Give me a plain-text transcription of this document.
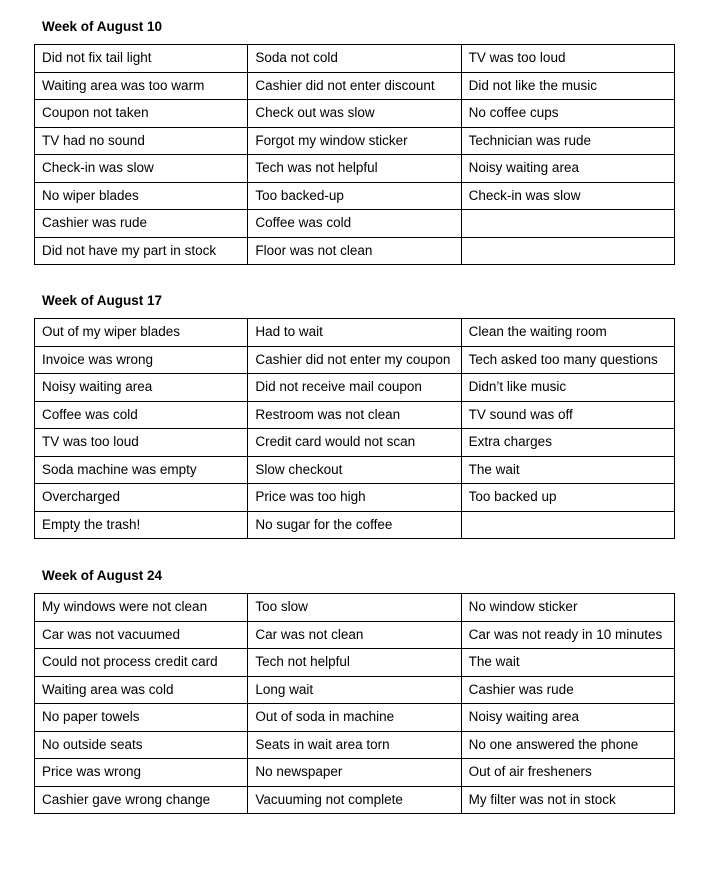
Week of August 10
Did not fix tail light	Soda not cold	TV was too loud
Waiting area was too warm	Cashier did not enter discount	Did not like the music
Coupon not taken	Check out was slow	No coffee cups
TV had no sound	Forgot my window sticker	Technician was rude
Check-in was slow	Tech was not helpful	Noisy waiting area
No wiper blades	Too backed-up	Check-in was slow
Cashier was rude	Coffee was cold	
Did not have my part in stock	Floor was not clean	
Week of August 17
Out of my wiper blades	Had to wait	Clean the waiting room
Invoice was wrong	Cashier did not enter my coupon	Tech asked too many questions
Noisy waiting area	Did not receive mail coupon	Didn’t like music
Coffee was cold	Restroom was not clean	TV sound was off
TV was too loud	Credit card would not scan	Extra charges
Soda machine was empty	Slow checkout	The wait
Overcharged	Price was too high	Too backed up
Empty the trash!	No sugar for the coffee	
Week of August 24
My windows were not clean	Too slow	No window sticker
Car was not vacuumed	Car was not clean	Car was not ready in 10 minutes
Could not process credit card	Tech not helpful	The wait
Waiting area was cold	Long wait	Cashier was rude
No paper towels	Out of soda in machine	Noisy waiting area
No outside seats	Seats in wait area torn	No one answered the phone
Price was wrong	No newspaper	Out of air fresheners
Cashier gave wrong change	Vacuuming not complete	My filter was not in stock
